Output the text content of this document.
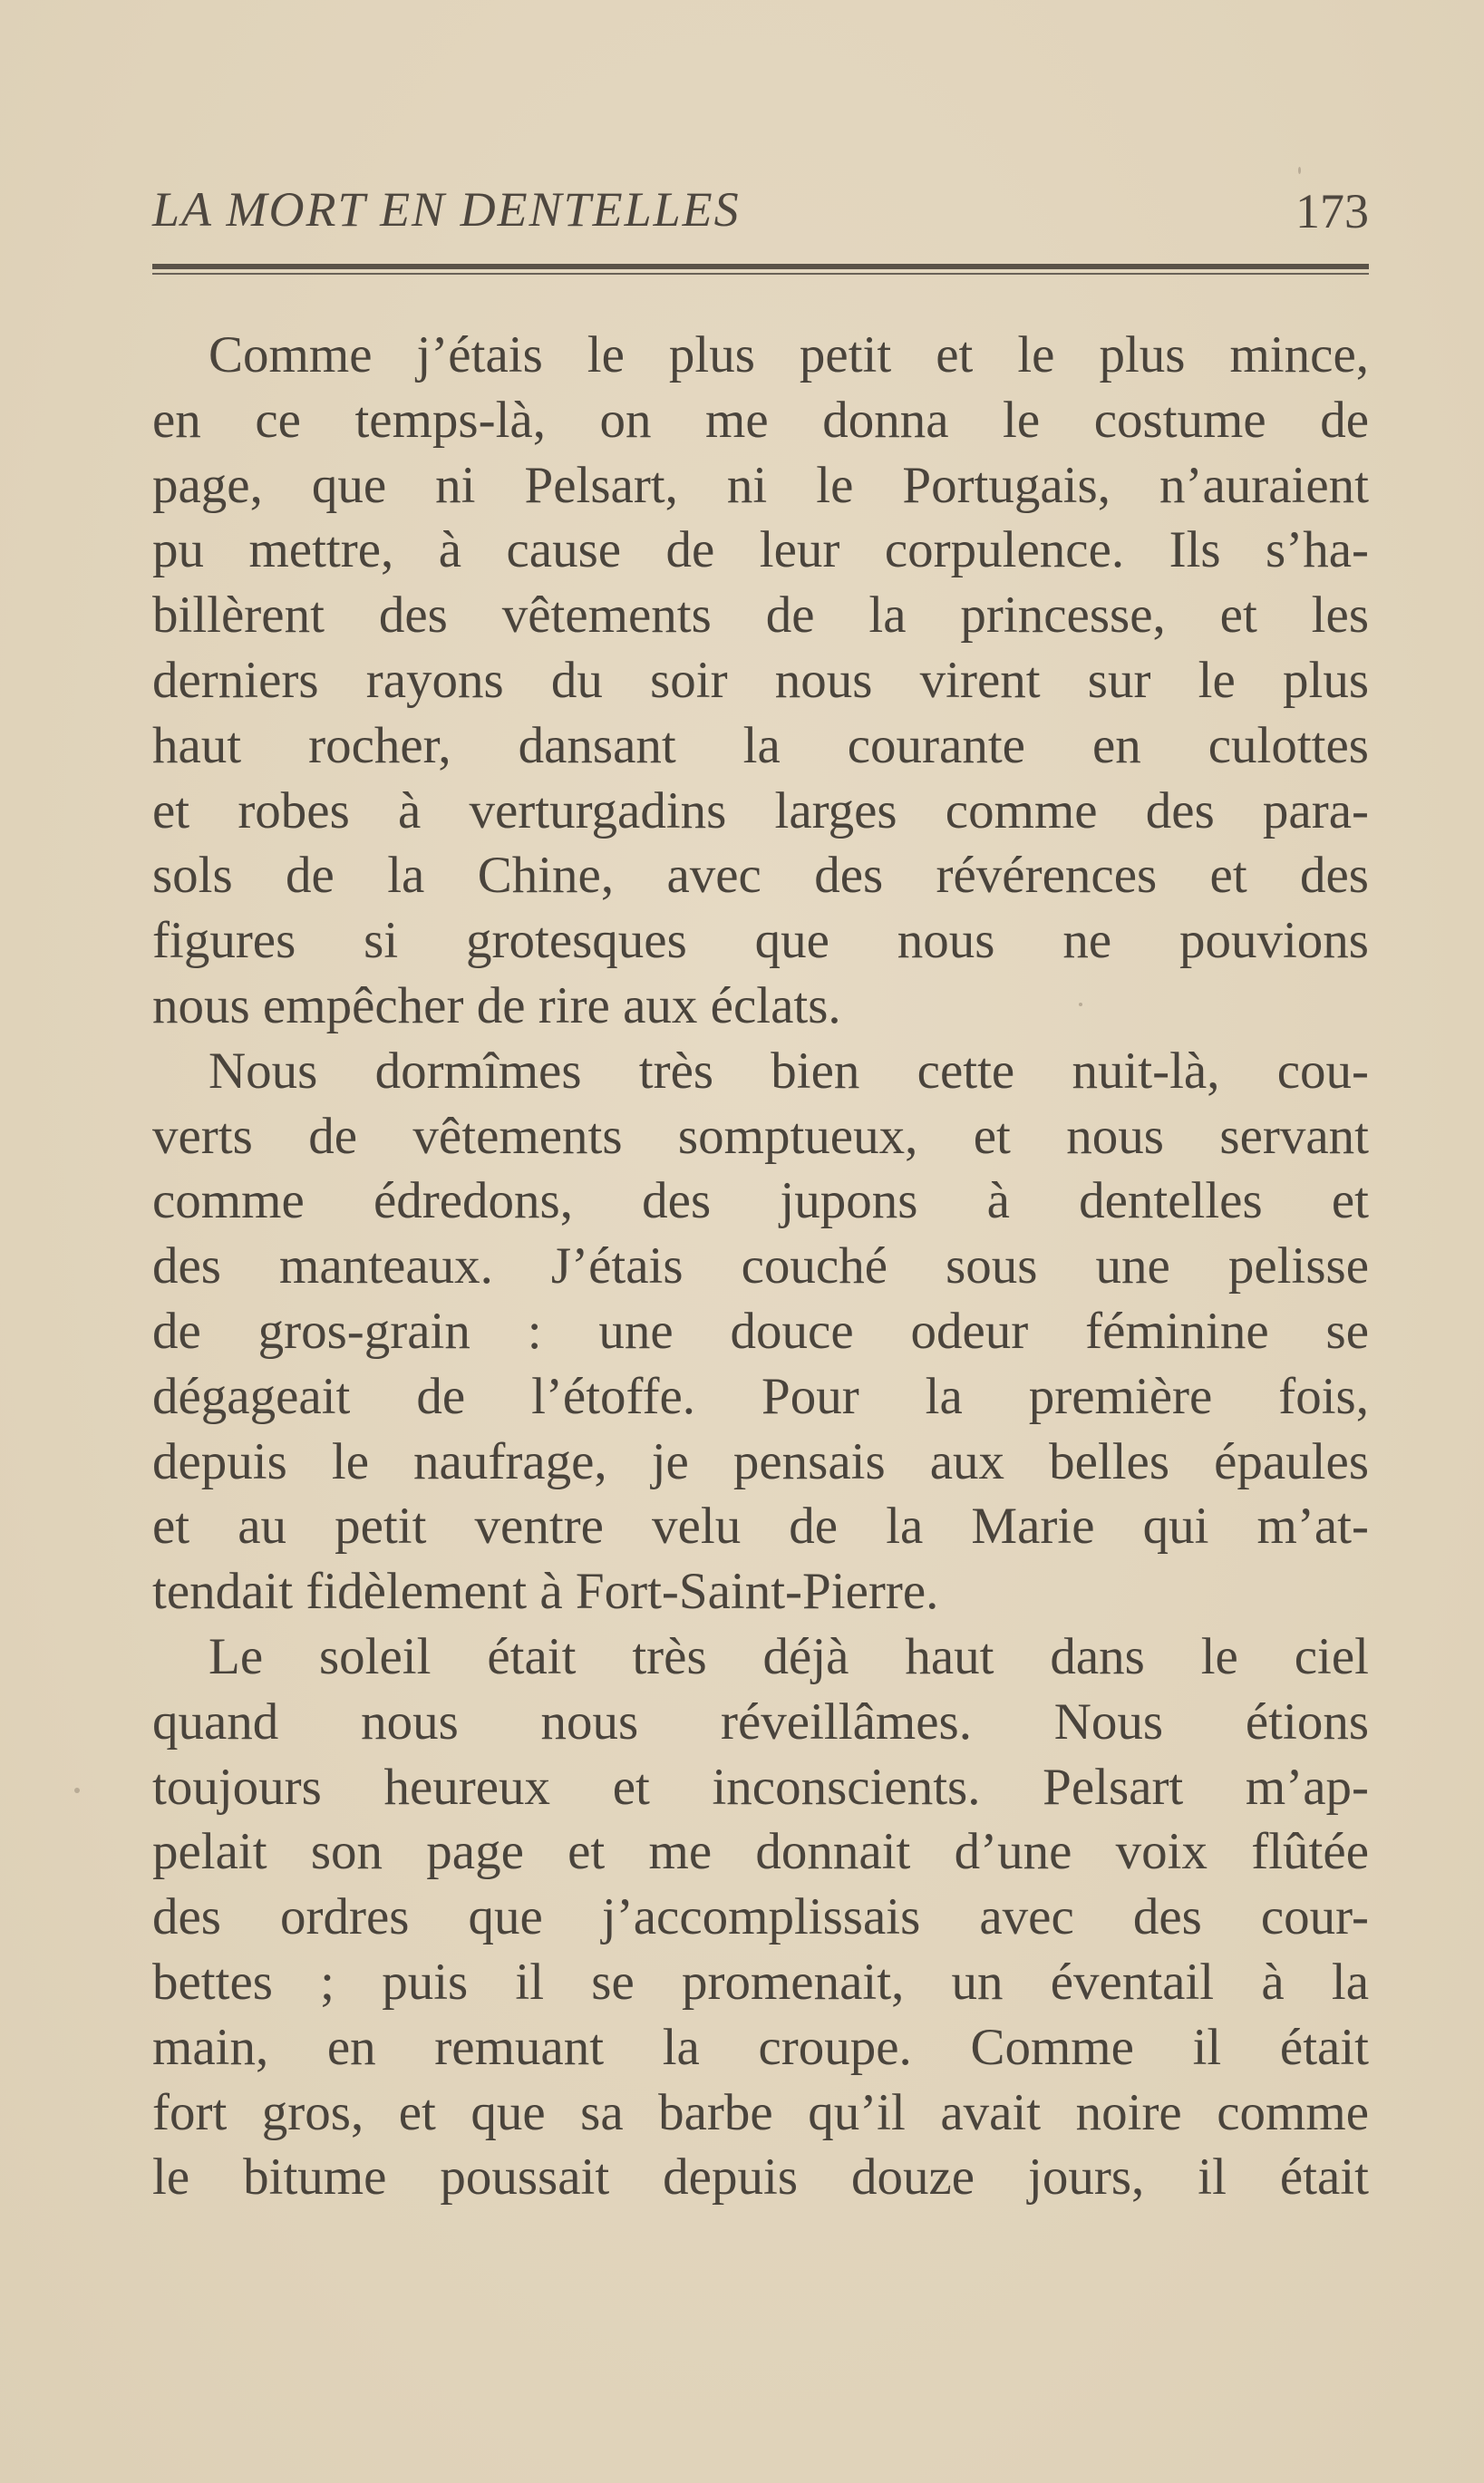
LA MORT EN DENTELLES	173
Comme j’étais le plus petit et le plus mince,
en ce temps-là, on me donna le costume de
page, que ni Pelsart, ni le Portugais, n’auraient
pu mettre, à cause de leur corpulence. Ils s’ha-
billèrent des vêtements de la princesse, et les
derniers rayons du soir nous virent sur le plus
haut rocher, dansant la courante en culottes
et robes à verturgadins larges comme des para-
sols de la Chine, avec des révérences et des
figures si grotesques que nous ne pouvions
nous empêcher de rire aux éclats.
Nous dormîmes très bien cette nuit-là, cou-
verts de vêtements somptueux, et nous servant
comme édredons, des jupons à dentelles et
des manteaux. J’étais couché sous une pelisse
de gros-grain : une douce odeur féminine se
dégageait de l’étoffe. Pour la première fois,
depuis le naufrage, je pensais aux belles épaules
et au petit ventre velu de la Marie qui m’at-
tendait fidèlement à Fort-Saint-Pierre.
Le soleil était très déjà haut dans le ciel
quand nous nous réveillâmes. Nous étions
toujours heureux et inconscients. Pelsart m’ap-
pelait son page et me donnait d’une voix flûtée
des ordres que j’accomplissais avec des cour-
bettes ; puis il se promenait, un éventail à la
main, en remuant la croupe. Comme il était
fort gros, et que sa barbe qu’il avait noire comme
le bitume poussait depuis douze jours, il était
